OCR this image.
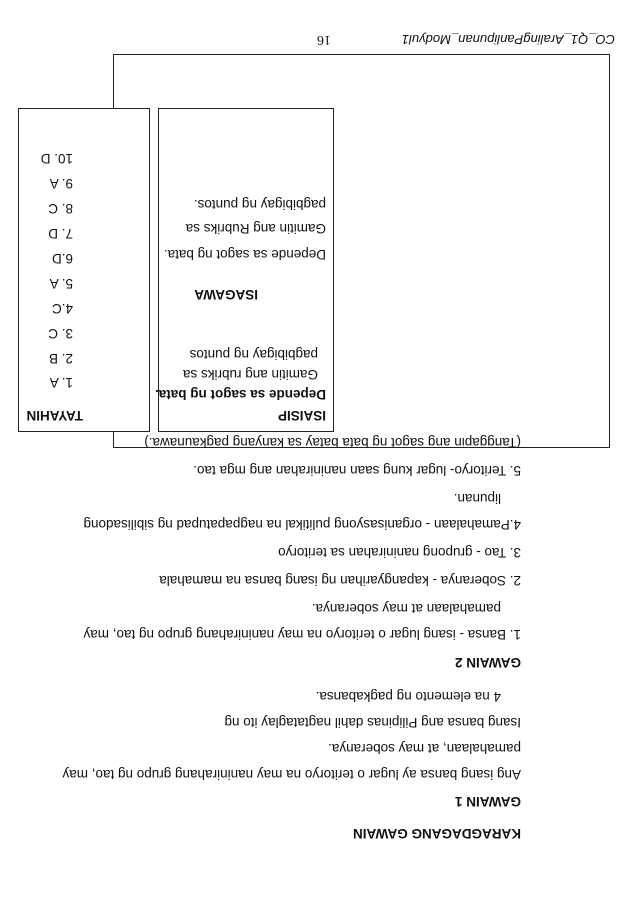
CO_Q1_AralingPanlipunan_Modyul1
16
KARAGDAGANG GAWAIN
GAWAIN 1
Ang isang bansa ay lugar o teritoryo na may naninirahang grupo ng tao, may
pamahalaan, at may soberanya.
Isang bansa ang Pilipinas dahil nagtataglay ito ng
4 na elemento ng pagkabansa.
GAWAIN 2
1. Bansa - isang lugar o teritoryo na may naninirahang grupo ng tao, may
pamahalaan at may soberanya.
2. Soberanya - kapangyarihan ng isang bansa na mamahala
3. Tao - grupong naninirahan sa teritoryo
4.Pamahalaan - organisasyong pulitikal na nagpapatupad ng sibilisadong
lipunan.
5. Teritoryo- lugar kung saan naninirahan ang mga tao.
(Tanggapin ang sagot ng bata batay sa kanyang pagkaunawa.)
ISAISIP
Depende sa sagot ng bata.
Gamitin ang rubriks sa
pagbibigay ng puntos
ISAGAWA
Depende sa sagot ng bata.
Gamitin ang Rubriks sa
pagbibigay ng puntos.
TAYAHIN
1. A
2. B
3. C
4.C
5. A
6.D
7. D
8. C
9. A
10. D
